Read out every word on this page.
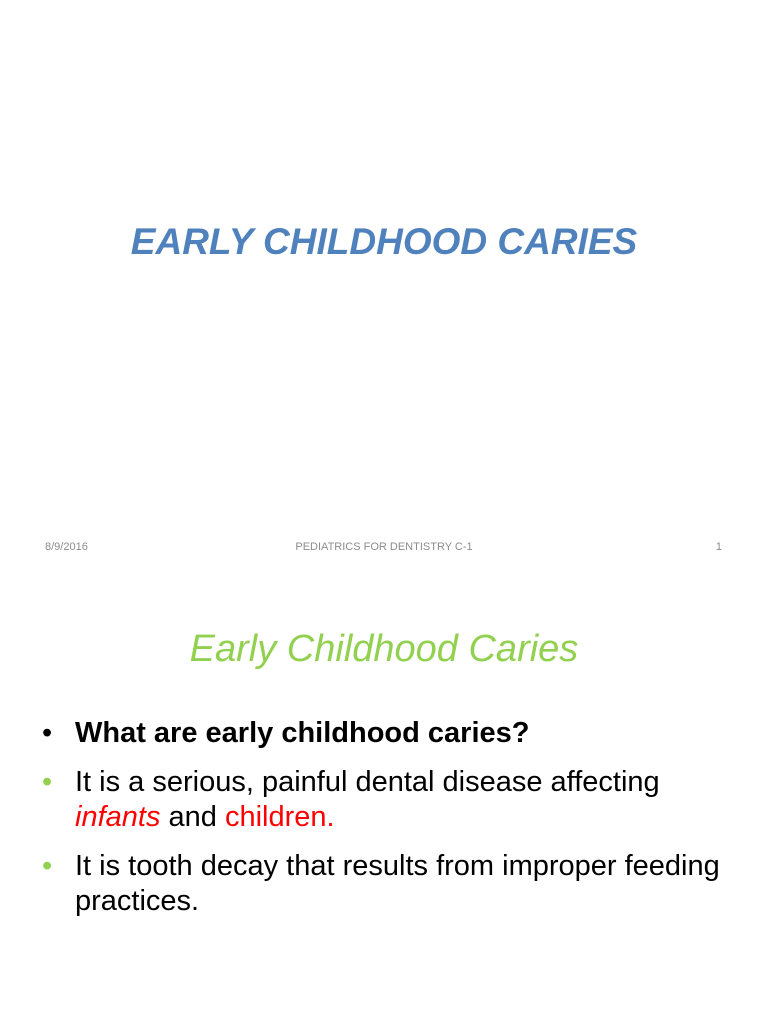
EARLY CHILDHOOD CARIES
8/9/2016	PEDIATRICS FOR DENTISTRY C-1	1
Early Childhood Caries
• What are early childhood caries?
• It is a serious, painful dental disease affecting
infants and children.
• It is tooth decay that results from improper feeding practices.
